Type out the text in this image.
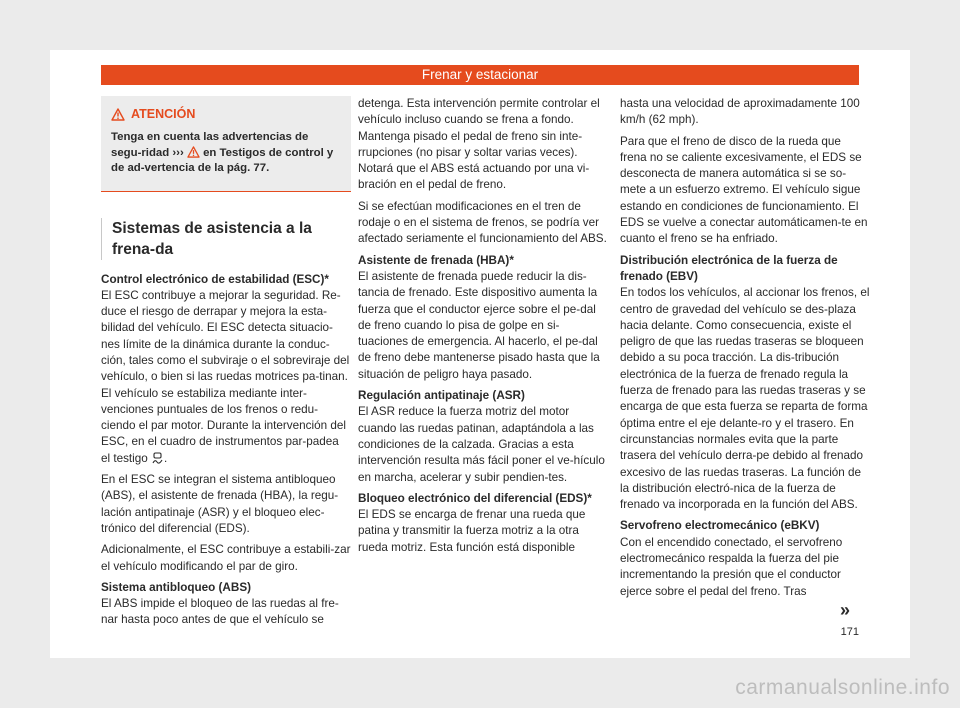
Frenar y estacionar
ATENCIÓN
Tenga en cuenta las advertencias de segu-ridad ›››  en Testigos de control y de ad-vertencia de la pág. 77.
Sistemas de asistencia a la frena-da

Control electrónico de estabilidad (ESC)*

El ESC contribuye a mejorar la seguridad. Re-duce el riesgo de derrapar y mejora la esta-bilidad del vehículo. El ESC detecta situacio-nes límite de la dinámica durante la conduc-ción, tales como el subviraje o el sobreviraje del vehículo, o bien si las ruedas motrices pa-tinan. El vehículo se estabiliza mediante inter-venciones puntuales de los frenos o redu-ciendo el par motor. Durante la intervención del ESC, en el cuadro de instrumentos par-padea el testigo .

En el ESC se integran el sistema antibloqueo (ABS), el asistente de frenada (HBA), la regu-lación antipatinaje (ASR) y el bloqueo elec-trónico del diferencial (EDS).

Adicionalmente, el ESC contribuye a estabili-zar el vehículo modificando el par de giro.

Sistema antibloqueo (ABS)

El ABS impide el bloqueo de las ruedas al fre-nar hasta poco antes de que el vehículo se

detenga. Esta intervención permite controlar el vehículo incluso cuando se frena a fondo. Mantenga pisado el pedal de freno sin inte-rrupciones (no pisar y soltar varias veces). Notará que el ABS está actuando por una vi-bración en el pedal de freno.

Si se efectúan modificaciones en el tren de rodaje o en el sistema de frenos, se podría ver afectado seriamente el funcionamiento del ABS.

Asistente de frenada (HBA)*

El asistente de frenada puede reducir la dis-tancia de frenado. Este dispositivo aumenta la fuerza que el conductor ejerce sobre el pe-dal de freno cuando lo pisa de golpe en si-tuaciones de emergencia. Al hacerlo, el pe-dal de freno debe mantenerse pisado hasta que la situación de peligro haya pasado.

Regulación antipatinaje (ASR)

El ASR reduce la fuerza motriz del motor cuando las ruedas patinan, adaptándola a las condiciones de la calzada. Gracias a esta intervención resulta más fácil poner el ve-hículo en marcha, acelerar y subir pendien-tes.

Bloqueo electrónico del diferencial (EDS)*

El EDS se encarga de frenar una rueda que patina y transmitir la fuerza motriz a la otra rueda motriz. Esta función está disponible

hasta una velocidad de aproximadamente 100 km/h (62 mph).

Para que el freno de disco de la rueda que frena no se caliente excesivamente, el EDS se desconecta de manera automática si se so-mete a un esfuerzo extremo. El vehículo sigue estando en condiciones de funcionamiento. El EDS se vuelve a conectar automáticamen-te en cuanto el freno se ha enfriado.

Distribución electrónica de la fuerza de frenado (EBV)

En todos los vehículos, al accionar los frenos, el centro de gravedad del vehículo se des-plaza hacia delante. Como consecuencia, existe el peligro de que las ruedas traseras se bloqueen debido a su poca tracción. La dis-tribución electrónica de la fuerza de frenado regula la fuerza de frenado para las ruedas traseras y se encarga de que esta fuerza se reparta de forma óptima entre el eje delante-ro y el trasero. En circunstancias normales evita que la parte trasera del vehículo derra-pe debido al frenado excesivo de las ruedas traseras. La función de la distribución electró-nica de la fuerza de frenado va incorporada en la función del ABS.

Servofreno electromecánico (eBKV)

Con el encendido conectado, el servofreno electromecánico respalda la fuerza del pie incrementando la presión que el conductor ejerce sobre el pedal del freno. Tras

»
171
carmanualsonline.info
